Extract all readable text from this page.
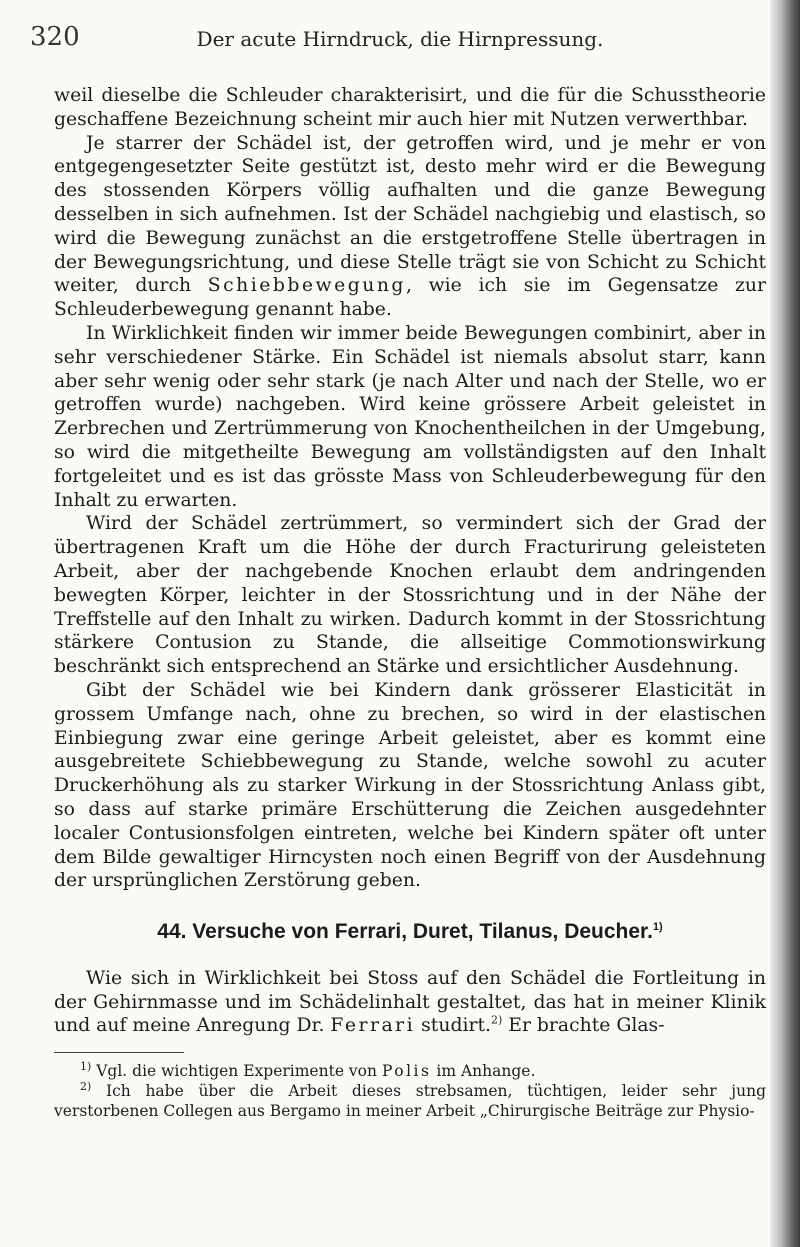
320	Der acute Hirndruck, die Hirnpressung.

weil dieselbe die Schleuder charakterisirt, und die für die Schusstheorie geschaffene Bezeichnung scheint mir auch hier mit Nutzen verwerthbar.

Je starrer der Schädel ist, der getroffen wird, und je mehr er von entgegengesetzter Seite gestützt ist, desto mehr wird er die Bewegung des stossenden Körpers völlig aufhalten und die ganze Bewegung desselben in sich aufnehmen. Ist der Schädel nachgiebig und elastisch, so wird die Bewegung zunächst an die erstgetroffene Stelle übertragen in der Bewegungsrichtung, und diese Stelle trägt sie von Schicht zu Schicht weiter, durch Schiebbewegung, wie ich sie im Gegensatze zur Schleuderbewegung genannt habe.

In Wirklichkeit finden wir immer beide Bewegungen combinirt, aber in sehr verschiedener Stärke. Ein Schädel ist niemals absolut starr, kann aber sehr wenig oder sehr stark (je nach Alter und nach der Stelle, wo er getroffen wurde) nachgeben. Wird keine grössere Arbeit geleistet in Zerbrechen und Zertrümmerung von Knochentheilchen in der Umgebung, so wird die mitgetheilte Bewegung am vollständigsten auf den Inhalt fortgeleitet und es ist das grösste Mass von Schleuderbewegung für den Inhalt zu erwarten.

Wird der Schädel zertrümmert, so vermindert sich der Grad der übertragenen Kraft um die Höhe der durch Fracturirung geleisteten Arbeit, aber der nachgebende Knochen erlaubt dem andringenden bewegten Körper, leichter in der Stossrichtung und in der Nähe der Treffstelle auf den Inhalt zu wirken. Dadurch kommt in der Stossrichtung stärkere Contusion zu Stande, die allseitige Commotionswirkung beschränkt sich entsprechend an Stärke und ersichtlicher Ausdehnung.

Gibt der Schädel wie bei Kindern dank grösserer Elasticität in grossem Umfange nach, ohne zu brechen, so wird in der elastischen Einbiegung zwar eine geringe Arbeit geleistet, aber es kommt eine ausgebreitete Schiebbewegung zu Stande, welche sowohl zu acuter Druckerhöhung als zu starker Wirkung in der Stossrichtung Anlass gibt, so dass auf starke primäre Erschütterung die Zeichen ausgedehnter localer Contusionsfolgen eintreten, welche bei Kindern später oft unter dem Bilde gewaltiger Hirncysten noch einen Begriff von der Ausdehnung der ursprünglichen Zerstörung geben.

44. Versuche von Ferrari, Duret, Tilanus, Deucher.$^{1)}$

Wie sich in Wirklichkeit bei Stoss auf den Schädel die Fortleitung in der Gehirnmasse und im Schädelinhalt gestaltet, das hat in meiner Klinik und auf meine Anregung Dr. Ferrari studirt.$^{2)}$ Er brachte Glas-

$^{1)}$ Vgl. die wichtigen Experimente von Polis im Anhange.

$^{2)}$ Ich habe über die Arbeit dieses strebsamen, tüchtigen, leider sehr jung verstorbenen Collegen aus Bergamo in meiner Arbeit „Chirurgische Beiträge zur Physio-
